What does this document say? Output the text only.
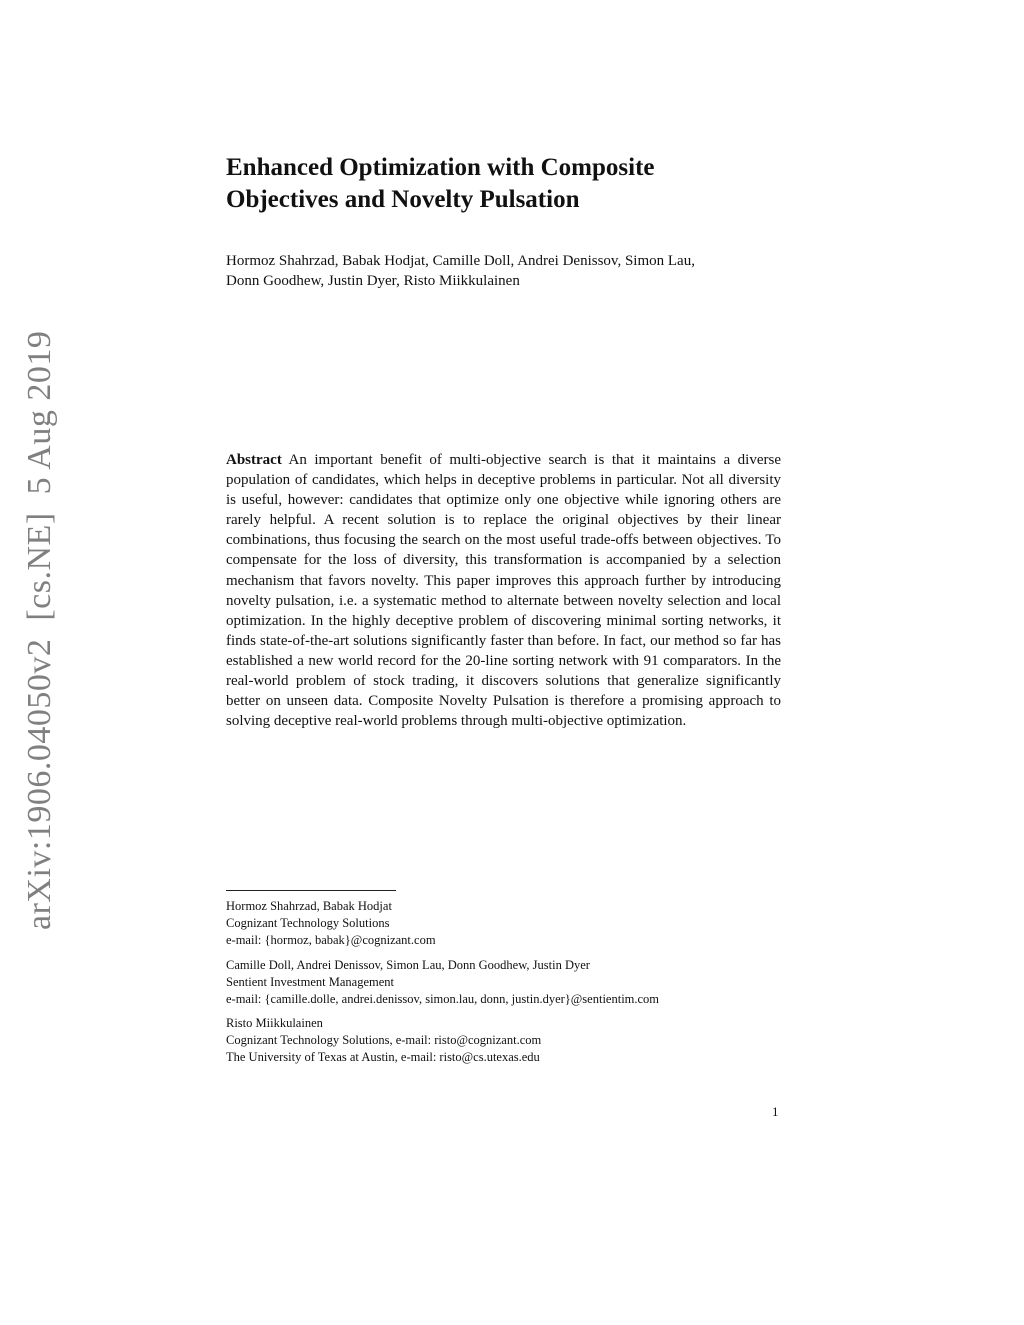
arXiv:1906.04050v2  [cs.NE]  5 Aug 2019
Enhanced Optimization with Composite
Objectives and Novelty Pulsation
Hormoz Shahrzad, Babak Hodjat, Camille Doll, Andrei Denissov, Simon Lau,
Donn Goodhew, Justin Dyer, Risto Miikkulainen

Abstract An important benefit of multi-objective search is that it maintains a diverse population of candidates, which helps in deceptive problems in particular. Not all diversity is useful, however: candidates that optimize only one objective while ignoring others are rarely helpful. A recent solution is to replace the original objectives by their linear combinations, thus focusing the search on the most useful trade-offs between objectives. To compensate for the loss of diversity, this transformation is accompanied by a selection mechanism that favors novelty. This paper improves this approach further by introducing novelty pulsation, i.e. a systematic method to alternate between novelty selection and local optimization. In the highly deceptive problem of discovering minimal sorting networks, it finds state-of-the-art solutions significantly faster than before. In fact, our method so far has established a new world record for the 20-line sorting network with 91 comparators. In the real-world problem of stock trading, it discovers solutions that generalize significantly better on unseen data. Composite Novelty Pulsation is therefore a promising approach to solving deceptive real-world problems through multi-objective optimization.

Hormoz Shahrzad, Babak Hodjat
Cognizant Technology Solutions
e-mail: {hormoz, babak}@cognizant.com
Camille Doll, Andrei Denissov, Simon Lau, Donn Goodhew, Justin Dyer
Sentient Investment Management
e-mail: {camille.dolle, andrei.denissov, simon.lau, donn, justin.dyer}@sentientim.com
Risto Miikkulainen
Cognizant Technology Solutions, e-mail: risto@cognizant.com
The University of Texas at Austin, e-mail: risto@cs.utexas.edu
1
